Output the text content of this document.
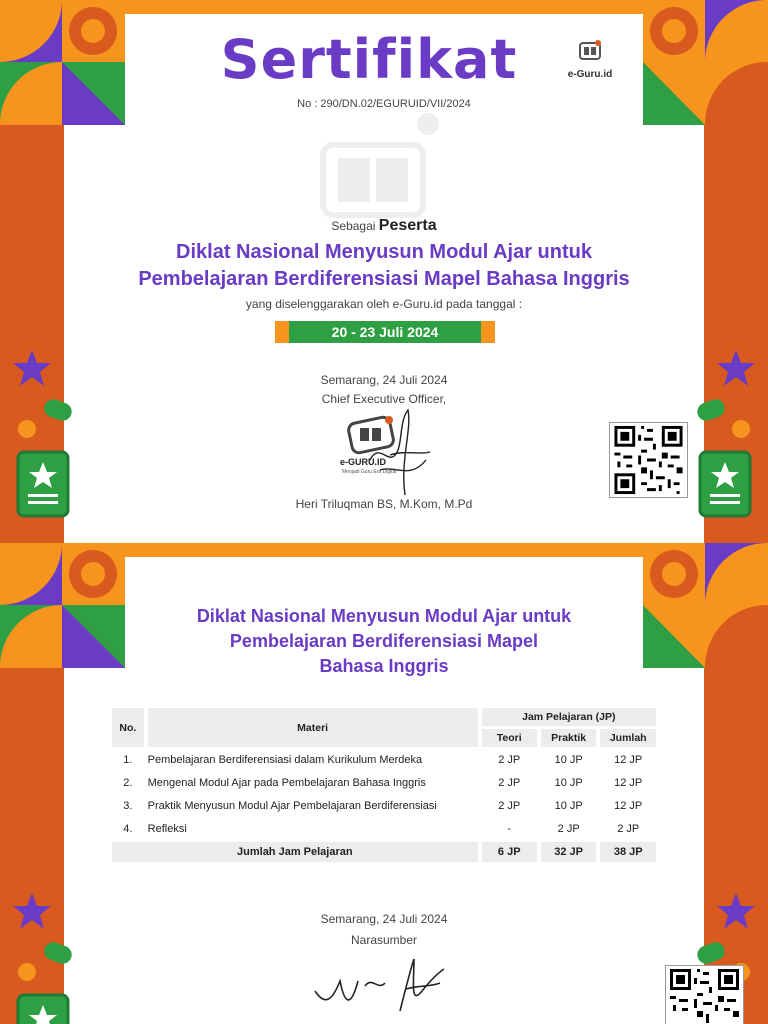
Sertifikat	e-Guru.id
No : 290/DN.02/EGURUID/VII/2024
Sebagai Peserta
Diklat Nasional Menyusun Modul Ajar untuk
Pembelajaran Berdiferensiasi Mapel Bahasa Inggris
yang diselenggarakan oleh e-Guru.id pada tanggal :
20 - 23 Juli 2024
Semarang, 24 Juli 2024
Chief Executive Officer,
e-GURU.ID
Menjadi Guru Era Digital
Heri Triluqman BS, M.Kom, M.Pd
Diklat Nasional Menyusun Modul Ajar untuk
Pembelajaran Berdiferensiasi Mapel
Bahasa Inggris
No.	Materi	Jam Pelajaran (JP)		
		Teori	Praktik	Jumlah
1.	Pembelajaran Berdiferensiasi dalam Kurikulum Merdeka	2 JP	10 JP	12 JP
2.	Mengenal Modul Ajar pada Pembelajaran Bahasa Inggris	2 JP	10 JP	12 JP
3.	Praktik Menyusun Modul Ajar Pembelajaran Berdiferensiasi	2 JP	10 JP	12 JP
4.	Refleksi	-	2 JP	2 JP
Jumlah Jam Pelajaran		6 JP	32 JP	38 JP
Semarang, 24 Juli 2024
Narasumber
